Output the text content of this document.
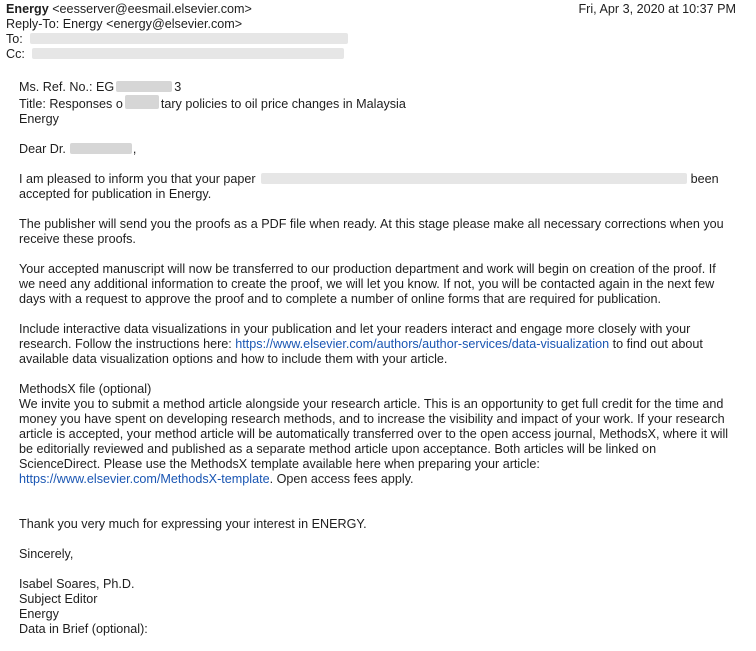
Energy <eesserver@eesmail.elsevier.com>	Fri, Apr 3, 2020 at 10:37 PM
Reply-To: Energy <energy@elsevier.com>
To:
Cc:
Ms. Ref. No.: EG	3
Title: Responses o	tary policies to oil price changes in Malaysia
Energy
Dear Dr.	,
I am pleased to inform you that your paper	been
accepted for publication in Energy.
The publisher will send you the proofs as a PDF file when ready. At this stage please make all necessary corrections when you receive these proofs.
Your accepted manuscript will now be transferred to our production department and work will begin on creation of the proof. If we need any additional information to create the proof, we will let you know. If not, you will be contacted again in the next few days with a request to approve the proof and to complete a number of online forms that are required for publication.
Include interactive data visualizations in your publication and let your readers interact and engage more closely with your research. Follow the instructions here: https://www.elsevier.com/authors/author-services/data-visualization to find out about available data visualization options and how to include them with your article.
MethodsX file (optional)
We invite you to submit a method article alongside your research article. This is an opportunity to get full credit for the time and money you have spent on developing research methods, and to increase the visibility and impact of your work. If your research article is accepted, your method article will be automatically transferred over to the open access journal, MethodsX, where it will be editorially reviewed and published as a separate method article upon acceptance. Both articles will be linked on ScienceDirect. Please use the MethodsX template available here when preparing your article: https://www.elsevier.com/MethodsX-template. Open access fees apply.
Thank you very much for expressing your interest in ENERGY.
Sincerely,
Isabel Soares, Ph.D.
Subject Editor
Energy
Data in Brief (optional):
